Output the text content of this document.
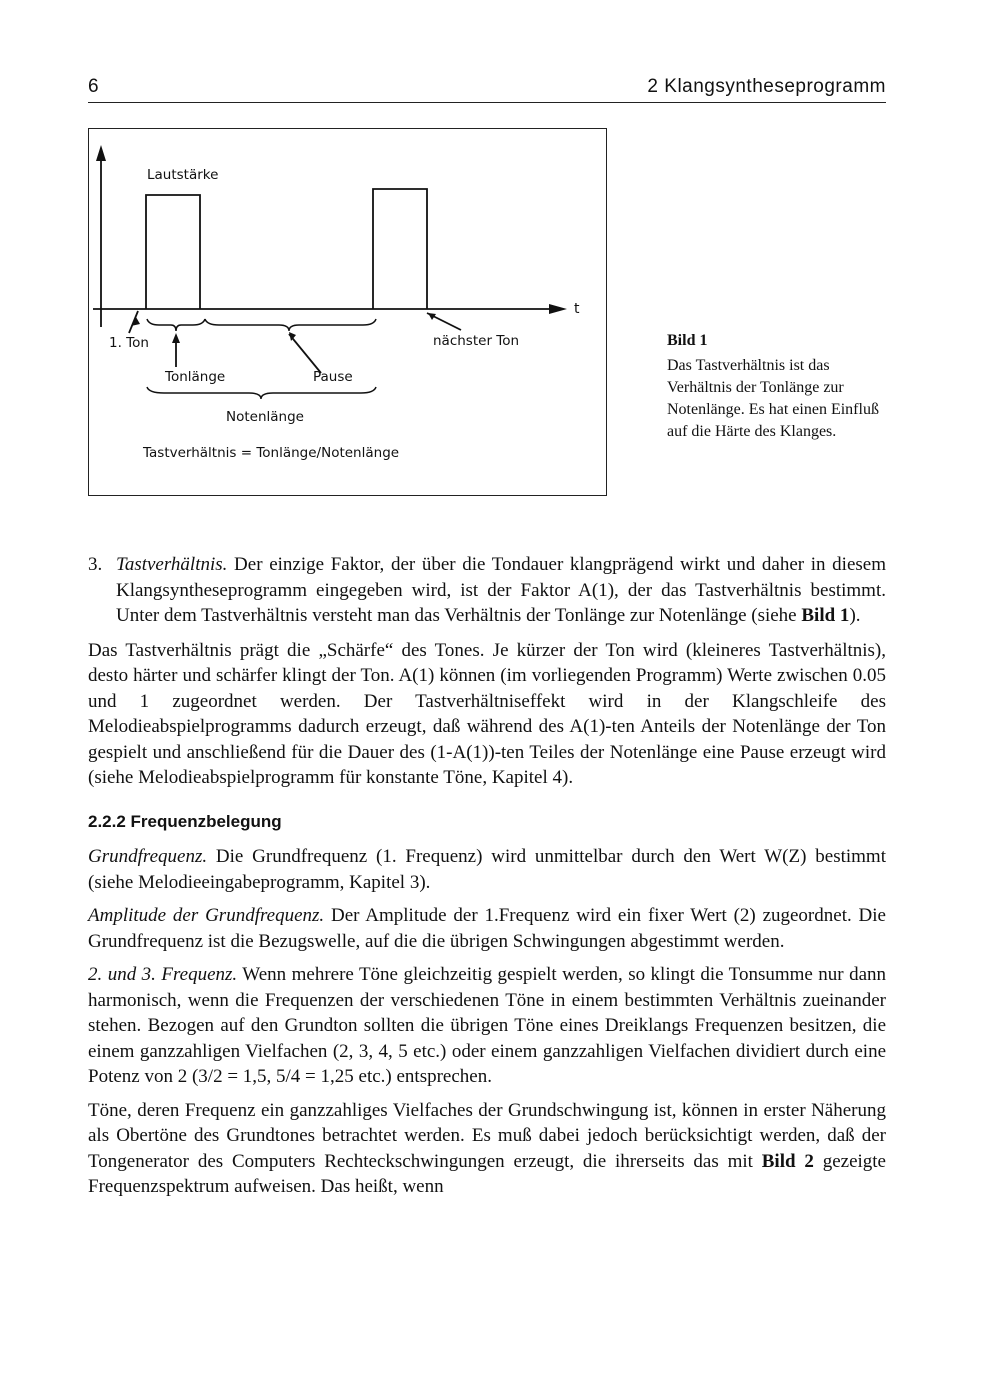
6	2 Klangsyntheseprogramm
Lautstärke
t
1. Ton	nächster Ton
Tonlänge	Pause
Notenlänge
Tastverhältnis = Tonlänge/Notenlänge
Bild 1
Das Tastverhältnis ist das Verhältnis der Tonlänge zur Notenlänge. Es hat einen Einfluß auf die Härte des Klanges.
3. Tastverhältnis. Der einzige Faktor, der über die Tondauer klangprägend wirkt und daher in diesem Klangsyntheseprogramm eingegeben wird, ist der Faktor A(1), der das Tastverhältnis bestimmt. Unter dem Tastverhältnis versteht man das Verhältnis der Tonlänge zur Notenlänge (siehe Bild 1).

Das Tastverhältnis prägt die „Schärfe“ des Tones. Je kürzer der Ton wird (kleineres Tastverhältnis), desto härter und schärfer klingt der Ton. A(1) können (im vorliegenden Programm) Werte zwischen 0.05 und 1 zugeordnet werden. Der Tastverhältniseffekt wird in der Klangschleife des Melodieabspielprogramms dadurch erzeugt, daß während des A(1)-ten Anteils der Notenlänge der Ton gespielt und anschließend für die Dauer des (1-A(1))-ten Teiles der Notenlänge eine Pause erzeugt wird (siehe Melodieabspielprogramm für konstante Töne, Kapitel 4).

2.2.2 Frequenzbelegung

Grundfrequenz. Die Grundfrequenz (1. Frequenz) wird unmittelbar durch den Wert W(Z) bestimmt (siehe Melodieeingabeprogramm, Kapitel 3).

Amplitude der Grundfrequenz. Der Amplitude der 1.Frequenz wird ein fixer Wert (2) zugeordnet. Die Grundfrequenz ist die Bezugswelle, auf die die übrigen Schwingungen abgestimmt werden.

2. und 3. Frequenz. Wenn mehrere Töne gleichzeitig gespielt werden, so klingt die Tonsumme nur dann harmonisch, wenn die Frequenzen der verschiedenen Töne in einem bestimmten Verhältnis zueinander stehen. Bezogen auf den Grundton sollten die übrigen Töne eines Dreiklangs Frequenzen besitzen, die einem ganzzahligen Vielfachen (2, 3, 4, 5 etc.) oder einem ganzzahligen Vielfachen dividiert durch eine Potenz von 2 (3/2 = 1,5, 5/4 = 1,25 etc.) entsprechen.

Töne, deren Frequenz ein ganzzahliges Vielfaches der Grundschwingung ist, können in erster Näherung als Obertöne des Grundtones betrachtet werden. Es muß dabei jedoch berücksichtigt werden, daß der Tongenerator des Computers Rechteckschwingungen erzeugt, die ihrerseits das mit Bild 2 gezeigte Frequenzspektrum aufweisen. Das heißt, wenn
